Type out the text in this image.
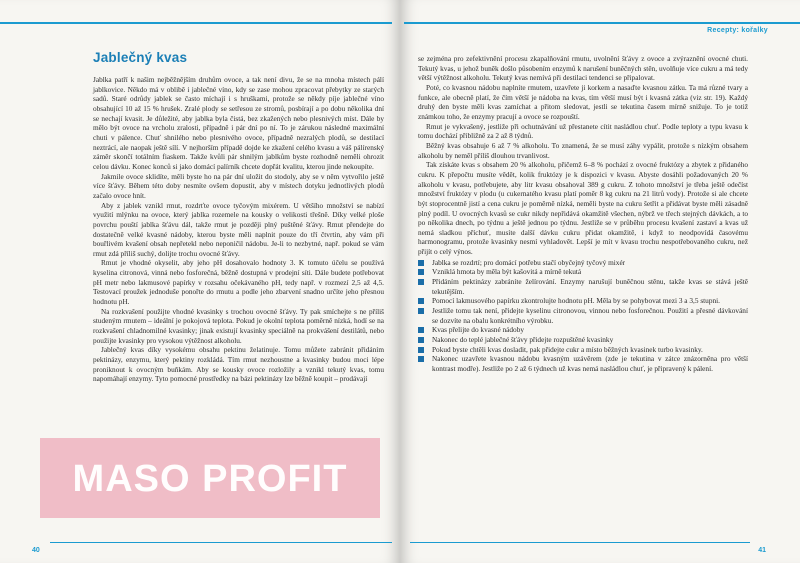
Jablečný kvas

Jablka patří k našim nejběžnějším druhům ovoce, a tak není divu, že se na mnoha místech pálí jablkovice. Někdo má v oblibě i jablečné víno, kdy se zase mohou zpracovat přebytky ze starých sadů. Staré odrůdy jablek se často míchají i s hruškami, protože se někdy píje jablečné víno obsahující 10 až 15 % hrušek. Zralé plody se setřesou ze stromů, posbírají a po dobu několika dní se nechají kvasit. Je důležité, aby jablka byla čistá, bez zkažených nebo plesnivých míst. Dále by mělo být ovoce na vrcholu zralosti, případně i pár dní po ní. To je zárukou následné maximální chuti v pálence. Chuť shnilého nebo plesnivého ovoce, případně nezralých plodů, se destilací neztrácí, ale naopak ještě sílí. V nejhorším případě dojde ke zkažení celého kvasu a váš pálírenský záměr skončí totálním fiaskem. Takže kvůli pár shnilým jablkům byste rozhodně neměli ohrozit celou dávku. Konec konců si jako domácí palírník chcete dopřát kvalitu, kterou jinde nekoupíte.

Jakmile ovoce sklidíte, měli byste ho na pár dní uložit do stodoly, aby se v něm vytvořilo ještě více šťávy. Během této doby nesmíte ovšem dopustit, aby v místech dotyku jednotlivých plodů začalo ovoce hnít.

Aby z jablek vznikl rmut, rozdrťte ovoce tyčovým mixérem. U většího množství se nabízí využití mlýnku na ovoce, který jablka rozemele na kousky o velikosti třešně. Díky velké ploše povrchu pouští jablka šťávu dál, takže rmut je později plný puštěné šťávy. Rmut přendejte do dostatečně velké kvasné nádoby, kterou byste měli naplnit pouze do tří čtvrtin, aby vám při bouřlivém kvašení obsah nepřetekl nebo neponičil nádobu. Je-li to nezbytné, např. pokud se vám rmut zdá příliš suchý, dolijte trochu ovocné šťávy.

Rmut je vhodné okyselit, aby jeho pH dosahovalo hodnoty 3. K tomuto účelu se používá kyselina citronová, vinná nebo fosforečná, běžně dostupná v prodejní síti. Dále budete potřebovat pH metr nebo lakmusové papírky v rozsahu očekávaného pH, tedy např. v rozmezí 2,5 až 4,5. Testovací proužek jednoduše ponořte do rmutu a podle jeho zbarvení snadno určíte jeho přesnou hodnotu pH.

Na rozkvašení použijte vhodné kvasinky s trochou ovocné šťávy. Ty pak smíchejte s ne příliš studeným rmutem – ideální je pokojová teplota. Pokud je okolní teplota poměrně nízká, hodí se na rozkvašení chladnomilné kvasinky; jinak existují kvasinky speciálně na prokvášení destilátů, nebo použijte kvasinky pro vysokou výtěžnost alkoholu.

Jablečný kvas díky vysokému obsahu pektinu želatinuje. Tomu můžete zabránit přidáním pektinázy, enzymu, který pektiny rozkládá. Tím rmut nezhoustne a kvasinky budou moci lépe proniknout k ovocným buňkám. Aby se kousky ovoce rozložily a vznikl tekutý kvas, tomu napomáhají enzymy. Tyto pomocné prostředky na bázi pektinázy lze běžně koupit – prodávají

40
Recepty: kořalky

se zejména pro zefektivnění procesu zkapalňování rmutu, uvolnění šťávy z ovoce a zvýraznění ovocné chuti. Tekutý kvas, u jehož bunĕk došlo působením enzymů k narušení buněčných stěn, uvolňuje více cukru a má tedy větší výtěžnost alkoholu. Tekutý kvas nemívá při destilaci tendenci se připalovat.

Poté, co kvasnou nádobu naplníte rmutem, uzavřete ji korkem a nasaďte kvasnou zátku. Ta má různé tvary a funkce, ale obecně platí, že čím větší je nádoba na kvas, tím větší musí být i kvasná zátka (viz str. 19). Každý druhý den byste měli kvas zamíchat a přitom sledovat, jestli se tekutina časem mírně snižuje. To je totiž známkou toho, že enzymy pracují a ovoce se rozpouští.

Rmut je vykvašený, jestliže při ochutnávání už přestanete cítit nasládlou chuť. Podle teploty a typu kvasu k tomu dochází přibližně za 2 až 8 týdnů.

Běžný kvas obsahuje 6 až 7 % alkoholu. To znamená, že se musí záhy vypálit, protože s nízkým obsahem alkoholu by neměl příliš dlouhou trvanlivost.

Tak získáte kvas s obsahem 20 % alkoholu, přičemž 6–8 % pochází z ovocné fruktózy a zbytek z přidaného cukru. K přepočtu musíte vědět, kolik fruktózy je k dispozici v kvasu. Abyste dosáhli požadovaných 20 % alkoholu v kvasu, potřebujete, aby litr kvasu obsahoval 389 g cukru. Z tohoto množství je třeba ještě odečíst množství fruktózy v plodu (u cukernatého kvasu platí pomĕr 8 kg cukru na 21 litrů vody). Protože si ale chcete být stoprocentně jistí a cena cukru je poměrně nízká, neměli byste na cukru šetřit a přidávat byste měli zásadně plný podíl. U ovocných kvasů se cukr nikdy nepřidává okamžitě všechen, nýbrž ve třech stejných dávkách, a to po několika dnech, po týdnu a ještě jednou po týdnu. Jestliže se v průběhu procesu kvašení zastaví a kvas už nemá sladkou příchuť, musíte další dávku cukru přidat okamžitě, i když to neodpovídá časovému harmonogramu, protože kvasinky nesmí vyhladovět. Lepší je mít v kvasu trochu nespotřebovaného cukru, než přijít o celý výnos.

Jablka se rozdrtí; pro domácí potřebu stačí obyčejný tyčový mixér
Vzniklá hmota by měla být kašovitá a mírně tekutá
Přidáním pektinázy zabráníte želírování. Enzymy narušují buněčnou stěnu, takže kvas se stává ještě tekutějším.
Pomocí lakmusového papírku zkontrolujte hodnotu pH. Měla by se pohybovat mezi 3 a 3,5 stupni.
Jestliže tomu tak není, přidejte kyselinu citronovou, vinnou nebo fosforečnou. Použití a přesné dávkování se dozvíte na obalu konkrétního výrobku.
Kvas přelijte do kvasné nádoby
Nakonec do teplé jablečné šťávy přidejte rozpuštěné kvasinky
Pokud byste chtěli kvas dosladit, pak přidejte cukr a místo běžných kvasinek turbo kvasinky.
Nakonec uzavřete kvasnou nádobu kvasným uzávěrem (zde je tekutina v zátce znázorněna pro větší kontrast modře). Jestliže po 2 až 6 týdnech už kvas nemá nasládlou chuť, je připravený k pálení.
41
MASO PROFIT
